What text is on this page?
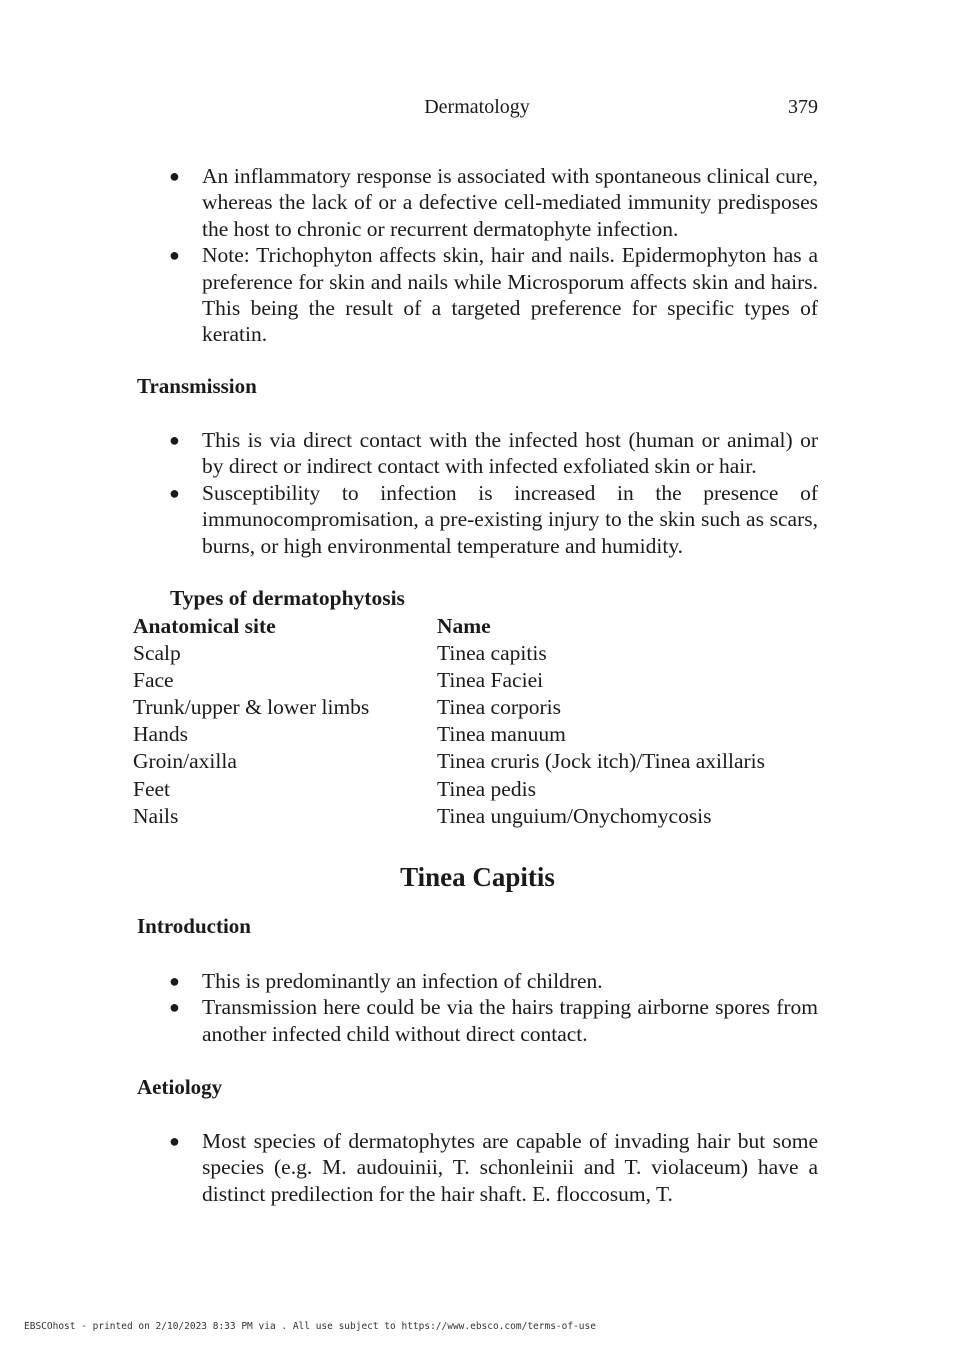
Dermatology	379
● An inflammatory response is associated with spontaneous clinical cure, whereas the lack of or a defective cell-mediated immunity predisposes the host to chronic or recurrent dermatophyte infection.
● Note: Trichophyton affects skin, hair and nails. Epidermophyton has a preference for skin and nails while Microsporum affects skin and hairs. This being the result of a targeted preference for specific types of keratin.
Transmission
● This is via direct contact with the infected host (human or animal) or by direct or indirect contact with infected exfoliated skin or hair.
● Susceptibility to infection is increased in the presence of immunocompromisation, a pre-existing injury to the skin such as scars, burns, or high environmental temperature and humidity.
Types of dermatophytosis
Anatomical site	Name
Scalp	Tinea capitis
Face	Tinea Faciei
Trunk/upper & lower limbs	Tinea corporis
Hands	Tinea manuum
Groin/axilla	Tinea cruris (Jock itch)/Tinea axillaris
Feet	Tinea pedis
Nails	Tinea unguium/Onychomycosis
Tinea Capitis
Introduction
● This is predominantly an infection of children.
● Transmission here could be via the hairs trapping airborne spores from another infected child without direct contact.
Aetiology
● Most species of dermatophytes are capable of invading hair but some species (e.g. M. audouinii, T. schonleinii and T. violaceum) have a distinct predilection for the hair shaft. E. floccosum, T.
EBSCOhost - printed on 2/10/2023 8:33 PM via . All use subject to https://www.ebsco.com/terms-of-use
